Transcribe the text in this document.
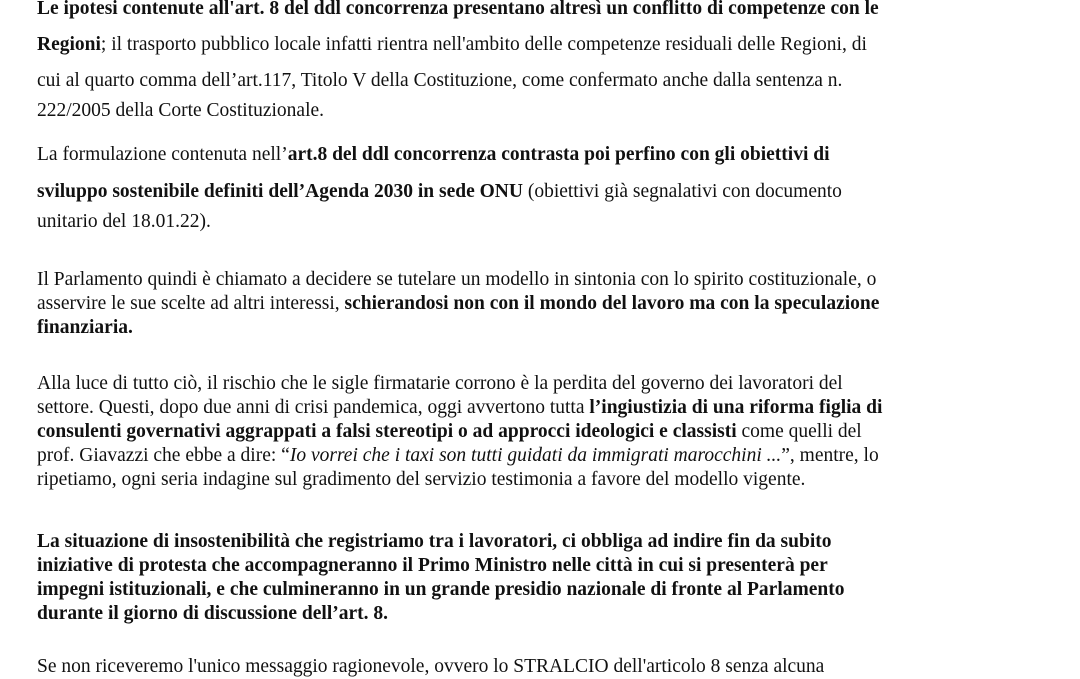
Le ipotesi contenute all'art. 8 del ddl concorrenza presentano altresì un conflitto di competenze con le

Regioni; il trasporto pubblico locale infatti rientra nell'ambito delle competenze residuali delle Regioni, di

cui al quarto comma dell’art.117, Titolo V della Costituzione, come confermato anche dalla sentenza n.

222/2005 della Corte Costituzionale.

La formulazione contenuta nell’art.8 del ddl concorrenza contrasta poi perfino con gli obiettivi di

sviluppo sostenibile definiti dell’Agenda 2030 in sede ONU (obiettivi già segnalativi con documento

unitario del 18.01.22).

Il Parlamento quindi è chiamato a decidere se tutelare un modello in sintonia con lo spirito costituzionale, o

asservire le sue scelte ad altri interessi, schierandosi non con il mondo del lavoro ma con la speculazione

finanziaria.

Alla luce di tutto ciò, il rischio che le sigle firmatarie corrono è la perdita del governo dei lavoratori del

settore. Questi, dopo due anni di crisi pandemica, oggi avvertono tutta l’ingiustizia di una riforma figlia di

consulenti governativi aggrappati a falsi stereotipi o ad approcci ideologici e classisti come quelli del

prof. Giavazzi che ebbe a dire: “Io vorrei che i taxi son tutti guidati da immigrati marocchini ...”, mentre, lo

ripetiamo, ogni seria indagine sul gradimento del servizio testimonia a favore del modello vigente.

La situazione di insostenibilità che registriamo tra i lavoratori, ci obbliga ad indire fin da subito

iniziative di protesta che accompagneranno il Primo Ministro nelle città in cui si presenterà per

impegni istituzionali, e che culmineranno in un grande presidio nazionale di fronte al Parlamento

durante il giorno di discussione dell’art. 8.

Se non riceveremo l'unico messaggio ragionevole, ovvero lo STRALCIO dell'articolo 8 senza alcuna
